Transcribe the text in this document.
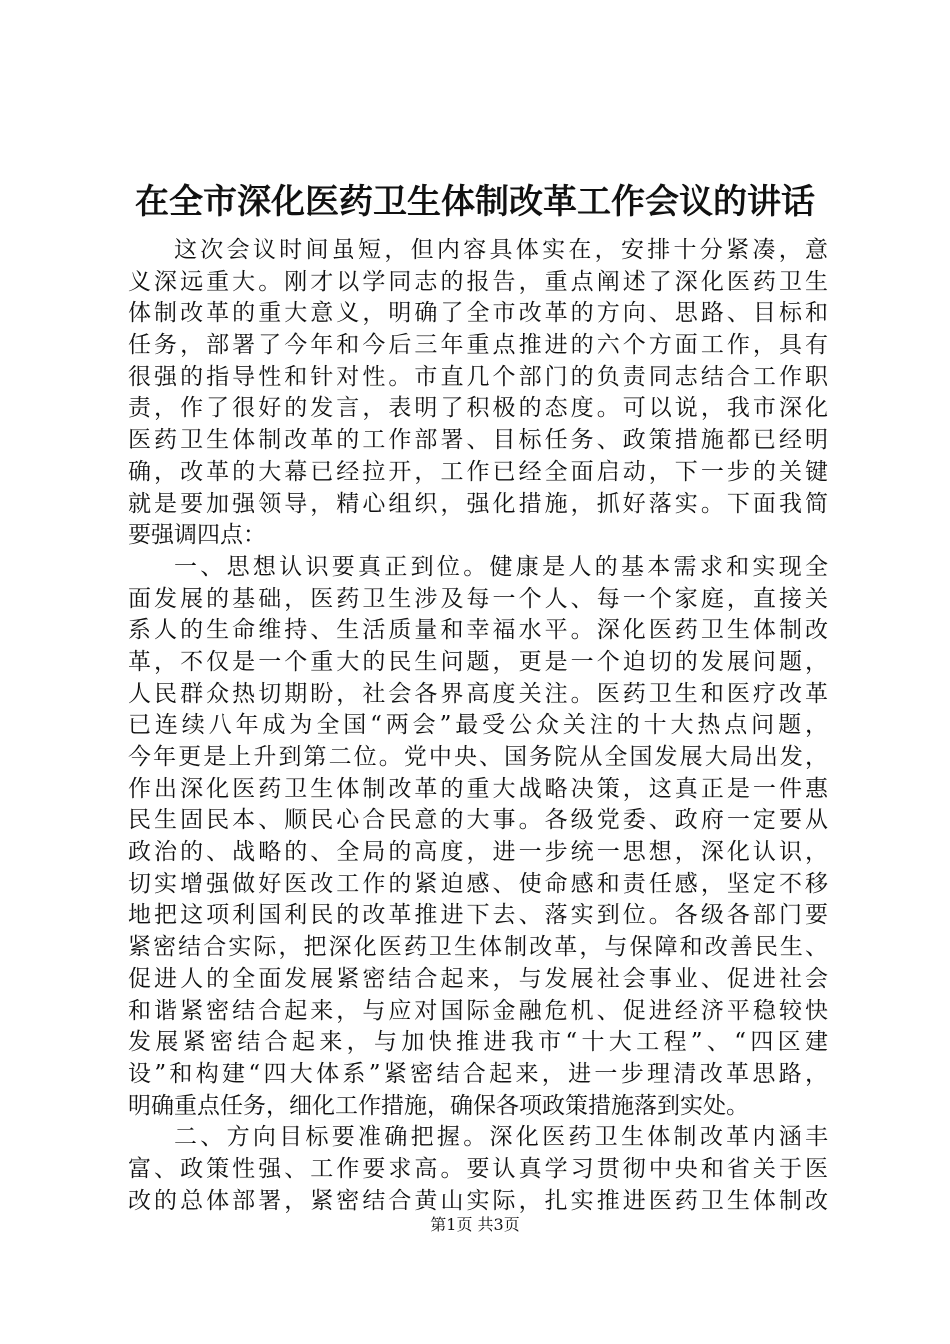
在全市深化医药卫生体制改革工作会议的讲话
这次会议时间虽短，但内容具体实在，安排十分紧凑，意
义深远重大。刚才以学同志的报告，重点阐述了深化医药卫生
体制改革的重大意义，明确了全市改革的方向、思路、目标和
任务，部署了今年和今后三年重点推进的六个方面工作，具有
很强的指导性和针对性。市直几个部门的负责同志结合工作职
责，作了很好的发言，表明了积极的态度。可以说，我市深化
医药卫生体制改革的工作部署、目标任务、政策措施都已经明
确，改革的大幕已经拉开，工作已经全面启动，下一步的关键
就是要加强领导，精心组织，强化措施，抓好落实。下面我简
要强调四点：
一、思想认识要真正到位。健康是人的基本需求和实现全
面发展的基础，医药卫生涉及每一个人、每一个家庭，直接关
系人的生命维持、生活质量和幸福水平。深化医药卫生体制改
革，不仅是一个重大的民生问题，更是一个迫切的发展问题，
人民群众热切期盼，社会各界高度关注。医药卫生和医疗改革
已连续八年成为全国“两会”最受公众关注的十大热点问题，
今年更是上升到第二位。党中央、国务院从全国发展大局出发，
作出深化医药卫生体制改革的重大战略决策，这真正是一件惠
民生固民本、顺民心合民意的大事。各级党委、政府一定要从
政治的、战略的、全局的高度，进一步统一思想，深化认识，
切实增强做好医改工作的紧迫感、使命感和责任感，坚定不移
地把这项利国利民的改革推进下去、落实到位。各级各部门要
紧密结合实际，把深化医药卫生体制改革，与保障和改善民生、
促进人的全面发展紧密结合起来，与发展社会事业、促进社会
和谐紧密结合起来，与应对国际金融危机、促进经济平稳较快
发展紧密结合起来，与加快推进我市“十大工程”、“四区建
设”和构建“四大体系”紧密结合起来，进一步理清改革思路，
明确重点任务，细化工作措施，确保各项政策措施落到实处。
二、方向目标要准确把握。深化医药卫生体制改革内涵丰
富、政策性强、工作要求高。要认真学习贯彻中央和省关于医
改的总体部署，紧密结合黄山实际，扎实推进医药卫生体制改
第1页 共3页
